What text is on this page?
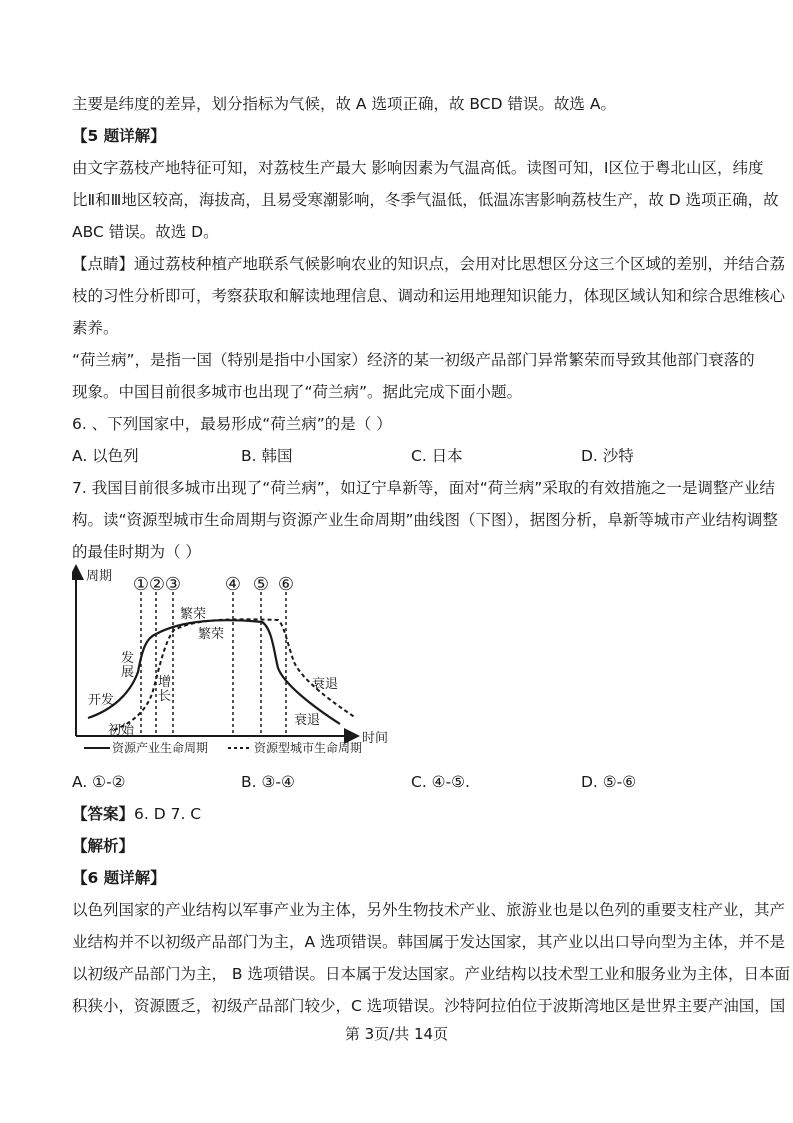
主要是纬度的差异，划分指标为气候，故 A 选项正确，故 BCD 错误。故选 A。
【5 题详解】
由文字荔枝产地特征可知，对荔枝生产最大 影响因素为气温高低。读图可知，Ⅰ区位于粤北山区，纬度
比Ⅱ和Ⅲ地区较高，海拔高，且易受寒潮影响，冬季气温低，低温冻害影响荔枝生产，故 D 选项正确，故
ABC 错误。故选 D。
【点睛】通过荔枝种植产地联系气候影响农业的知识点，会用对比思想区分这三个区域的差别，并结合荔
枝的习性分析即可，考察获取和解读地理信息、调动和运用地理知识能力，体现区域认知和综合思维核心
素养。
“荷兰病”，是指一国（特别是指中小国家）经济的某一初级产品部门异常繁荣而导致其他部门衰落的
现象。中国目前很多城市也出现了“荷兰病”。据此完成下面小题。
6. 、下列国家中，最易形成“荷兰病”的是（ ）
A. 以色列	B. 韩国	C. 日本	D. 沙特
7. 我国目前很多城市出现了“荷兰病”，如辽宁阜新等，面对“荷兰病”采取的有效措施之一是调整产业结
构。读“资源型城市生命周期与资源产业生命周期”曲线图（下图），据图分析，阜新等城市产业结构调整
的最佳时期为（ ）
周期
时间
① ② ③ ④ ⑤ ⑥
开发
发
展
繁荣
衰退
初始
增
长
繁荣
衰退
资源产业生命周期	资源型城市生命周期
A. ①-②	B. ③-④	C. ④-⑤.	D. ⑤-⑥
【答案】6. D 7. C
【解析】
【6 题详解】
以色列国家的产业结构以军事产业为主体，另外生物技术产业、旅游业也是以色列的重要支柱产业，其产
业结构并不以初级产品部门为主，A 选项错误。韩国属于发达国家，其产业以出口导向型为主体，并不是
以初级产品部门为主， B 选项错误。日本属于发达国家。产业结构以技术型工业和服务业为主体，日本面
积狭小，资源匮乏，初级产品部门较少，C 选项错误。沙特阿拉伯位于波斯湾地区是世界主要产油国，国
第 3页/共 14页
